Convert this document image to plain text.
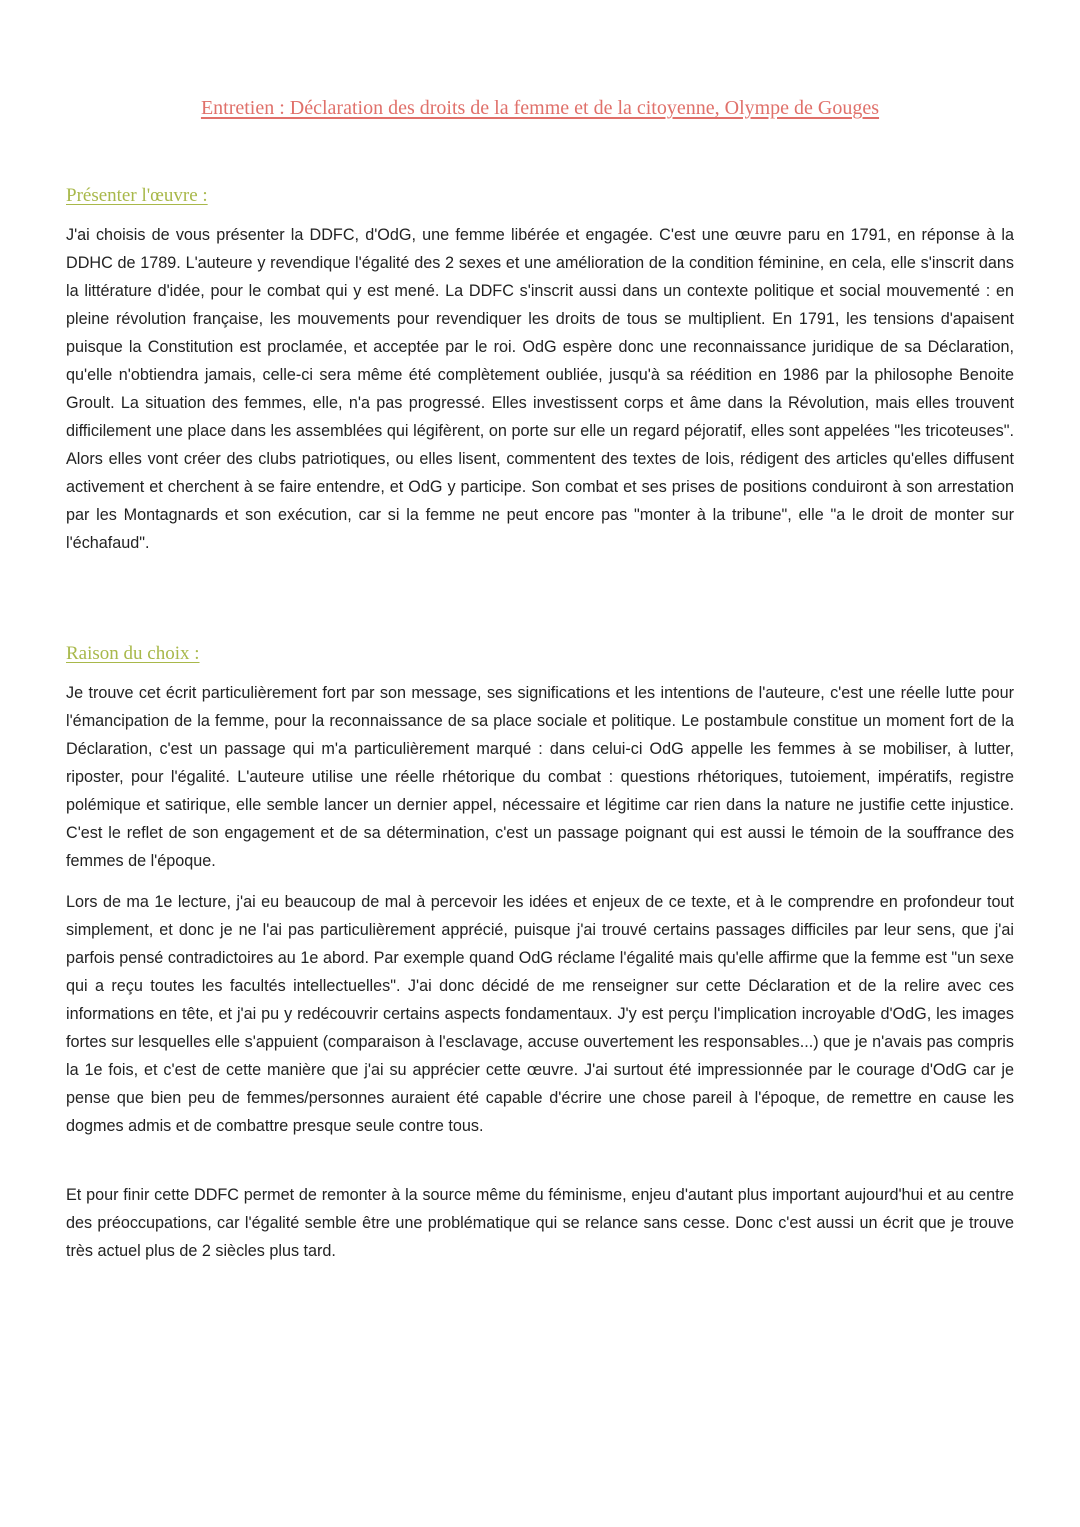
Entretien : Déclaration des droits de la femme et de la citoyenne, Olympe de Gouges
Présenter l'œuvre :

J'ai choisis de vous présenter la DDFC, d'OdG, une femme libérée et engagée. C'est une œuvre paru en 1791, en réponse à la DDHC de 1789. L'auteure y revendique l'égalité des 2 sexes et une amélioration de la condition féminine, en cela, elle s'inscrit dans la littérature d'idée, pour le combat qui y est mené. La DDFC s'inscrit aussi dans un contexte politique et social mouvementé : en pleine révolution française, les mouvements pour revendiquer les droits de tous se multiplient. En 1791, les tensions d'apaisent puisque la Constitution est proclamée, et acceptée par le roi. OdG espère donc une reconnaissance juridique de sa Déclaration, qu'elle n'obtiendra jamais, celle-ci sera même été complètement oubliée, jusqu'à sa réédition en 1986 par la philosophe Benoite Groult. La situation des femmes, elle, n'a pas progressé. Elles investissent corps et âme dans la Révolution, mais elles trouvent difficilement une place dans les assemblées qui légifèrent, on porte sur elle un regard péjoratif, elles sont appelées "les tricoteuses". Alors elles vont créer des clubs patriotiques, ou elles lisent, commentent des textes de lois, rédigent des articles qu'elles diffusent activement et cherchent à se faire entendre, et OdG y participe. Son combat et ses prises de positions conduiront à son arrestation par les Montagnards et son exécution, car si la femme ne peut encore pas "monter à la tribune", elle "a le droit de monter sur l'échafaud".

Raison du choix :

Je trouve cet écrit particulièrement fort par son message, ses significations et les intentions de l'auteure, c'est une réelle lutte pour l'émancipation de la femme, pour la reconnaissance de sa place sociale et politique. Le postambule constitue un moment fort de la Déclaration, c'est un passage qui m'a particulièrement marqué : dans celui-ci OdG appelle les femmes à se mobiliser, à lutter, riposter, pour l'égalité. L'auteure utilise une réelle rhétorique du combat : questions rhétoriques, tutoiement, impératifs, registre polémique et satirique, elle semble lancer un dernier appel, nécessaire et légitime car rien dans la nature ne justifie cette injustice. C'est le reflet de son engagement et de sa détermination, c'est un passage poignant qui est aussi le témoin de la souffrance des femmes de l'époque.

Lors de ma 1e lecture, j'ai eu beaucoup de mal à percevoir les idées et enjeux de ce texte, et à le comprendre en profondeur tout simplement, et donc je ne l'ai pas particulièrement apprécié, puisque j'ai trouvé certains passages difficiles par leur sens, que j'ai parfois pensé contradictoires au 1e abord. Par exemple quand OdG réclame l'égalité mais qu'elle affirme que la femme est "un sexe qui a reçu toutes les facultés intellectuelles". J'ai donc décidé de me renseigner sur cette Déclaration et de la relire avec ces informations en tête, et j'ai pu y redécouvrir certains aspects fondamentaux. J'y est perçu l'implication incroyable d'OdG, les images fortes sur lesquelles elle s'appuient (comparaison à l'esclavage, accuse ouvertement les responsables...) que je n'avais pas compris la 1e fois, et c'est de cette manière que j'ai su apprécier cette œuvre. J'ai surtout été impressionnée par le courage d'OdG car je pense que bien peu de femmes/personnes auraient été capable d'écrire une chose pareil à l'époque, de remettre en cause les dogmes admis et de combattre presque seule contre tous.

Et pour finir cette DDFC permet de remonter à la source même du féminisme, enjeu d'autant plus important aujourd'hui et au centre des préoccupations, car l'égalité semble être une problématique qui se relance sans cesse. Donc c'est aussi un écrit que je trouve très actuel plus de 2 siècles plus tard.
